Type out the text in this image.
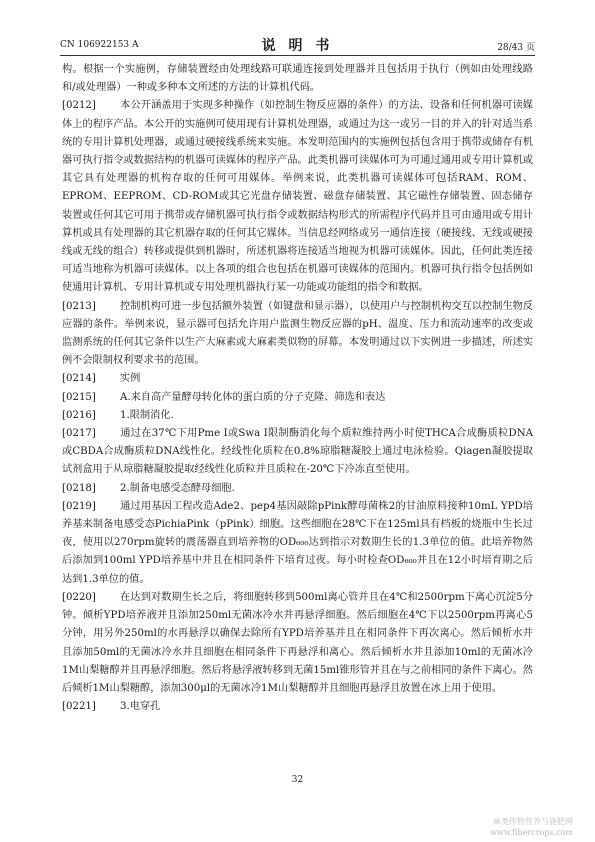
CN 106922153 A	说 明 书	28/43 页

构。根据一个实施例，存储装置经由处理线路可联通连接到处理器并且包括用于执行（例如由处理线路和/或处理器）一种或多种本文所述的方法的计算机代码。

[0212] 本公开涵盖用于实现多种操作（如控制生物反应器的条件）的方法、设备和任何机器可读媒体上的程序产品。本公开的实施例可使用现有计算机处理器，或通过为这一或另一目的并入的针对适当系统的专用计算机处理器，或通过硬接线系统来实施。本发明范围内的实施例包括包含用于携带或储存有机器可执行指令或数据结构的机器可读媒体的程序产品。此类机器可读媒体可为可通过通用或专用计算机或其它具有处理器的机构存取的任何可用媒体。举例来说，此类机器可读媒体可包括RAM、ROM、EPROM、EEPROM、CD-ROM或其它光盘存储装置、磁盘存储装置、其它磁性存储装置、固态储存装置或任何其它可用于携带或存储机器可执行指令或数据结构形式的所需程序代码并且可由通用或专用计算机或具有处理器的其它机器存取的任何其它媒体。当信息经网络或另一通信连接（硬接线、无线或硬接线或无线的组合）转移或提供到机器时，所述机器将连接适当地视为机器可读媒体。因此，任何此类连接可适当地称为机器可读媒体。以上各项的组合也包括在机器可读媒体的范围内。机器可执行指令包括例如使通用计算机、专用计算机或专用处理机器执行某一功能或功能组的指令和数据。

[0213] 控制机构可进一步包括额外装置（如键盘和显示器），以使用户与控制机构交互以控制生物反应器的条件。举例来说，显示器可包括允许用户监测生物反应器的pH、温度、压力和流动速率的改变或监测系统的任何其它条件以生产大麻素或大麻素类似物的屏幕。本发明通过以下实例进一步描述，所述实例不会限制权利要求书的范围。

[0214] 实例

[0215] A.来自高产量酵母转化体的蛋白质的分子克隆、筛选和表达

[0216] 1.限制消化.

[0217] 通过在37℃下用Pme I或Swa I限制酶消化每个质粒维持两小时使THCA合成酶质粒DNA或CBDA合成酶质粒DNA线性化。经线性化质粒在0.8%琼脂糖凝胶上通过电泳检验。Qiagen凝胶提取试剂盒用于从琼脂糖凝胶提取经线性化质粒并且质粒在-20℃下冷冻直至使用。

[0218] 2.制备电感受态酵母细胞.

[0219] 通过用基因工程改造Ade2、pep4基因敲除pPink酵母菌株2的甘油原料接种10mL YPD培养基来制备电感受态PichiaPink（pPink）细胞。这些细胞在28℃下在125ml具有档板的烧瓶中生长过夜，使用以270rpm旋转的震荡器直到培养物的OD₆₀₀达到指示对数期生长的1.3单位的值。此培养物然后添加到100ml YPD培养基中并且在相同条件下培育过夜。每小时检查OD₆₀₀并且在12小时培育期之后达到1.3单位的值。

[0220] 在达到对数期生长之后，将细胞转移到500ml离心管并且在4℃和2500rpm下离心沉淀5分钟。倾析YPD培养液并且添加250ml无菌冰冷水并再悬浮细胞。然后细胞在4℃下以2500rpm再离心5分钟，用另外250ml的水再悬浮以确保去除所有YPD培养基并且在相同条件下再次离心。然后倾析水并且添加50ml的无菌冰冷水并且细胞在相同条件下再悬浮和离心。然后倾析水并且添加10ml的无菌冰冷1M山梨糖醇并且再悬浮细胞。然后将悬浮液转移到无菌15ml锥形管并且在与之前相同的条件下离心。然后倾析1M山梨糖醇，添加300μl的无菌冰冷1M山梨糖醇并且细胞再悬浮且放置在冰上用于使用。

[0221] 3.电穿孔

32
麻类作物营养与施肥网
www.fibercrops.com
